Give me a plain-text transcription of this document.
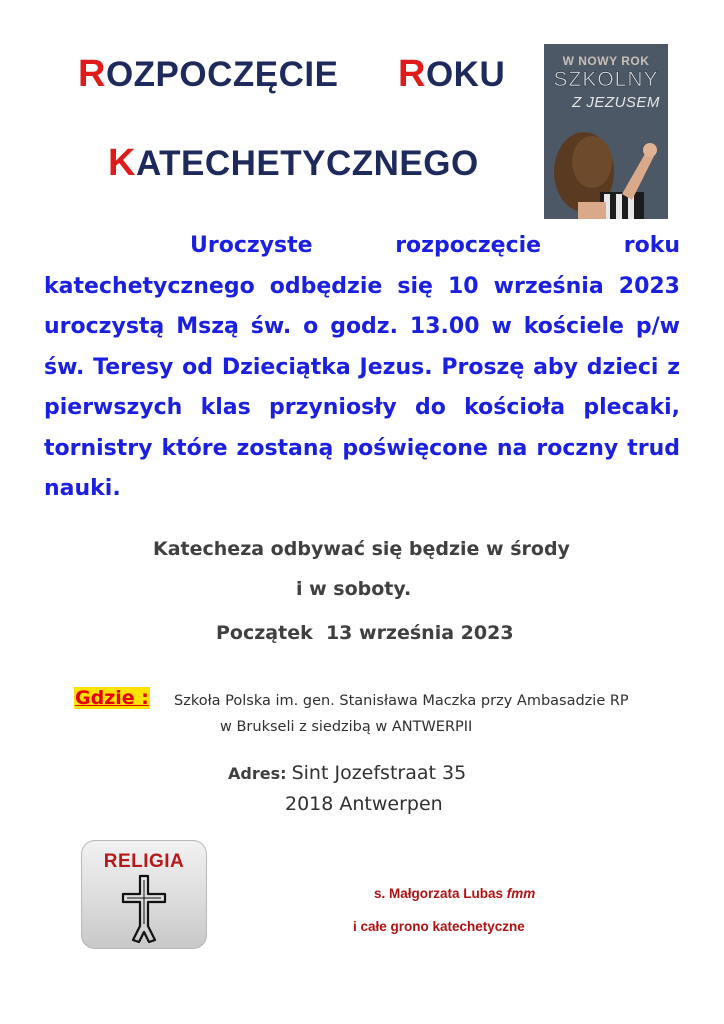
ROZPOCZĘCIE ROKU
KATECHETYCZNEGO
W NOWY ROK
SZKOLNY
Z JEZUSEM

Uroczyste rozpoczęcie roku katechetycznego odbędzie się 10 września 2023 uroczystą Mszą św. o godz. 13.00 w kościele p/w św. Teresy od Dzieciątka Jezus. Proszę aby dzieci z pierwszych klas przyniosły do kościoła plecaki, tornistry które zostaną poświęcone na roczny trud nauki.

Katecheza odbywać się będzie w środy
i w soboty.
Początek  13 września 2023
Gdzie : Szkoła Polska im. gen. Stanisława Maczka przy Ambasadzie RP
w Brukseli z siedzibą w ANTWERPII
Adres: Sint Jozefstraat 35
2018 Antwerpen
RELIGIA
s. Małgorzata Lubas fmm
i całe grono katechetyczne
